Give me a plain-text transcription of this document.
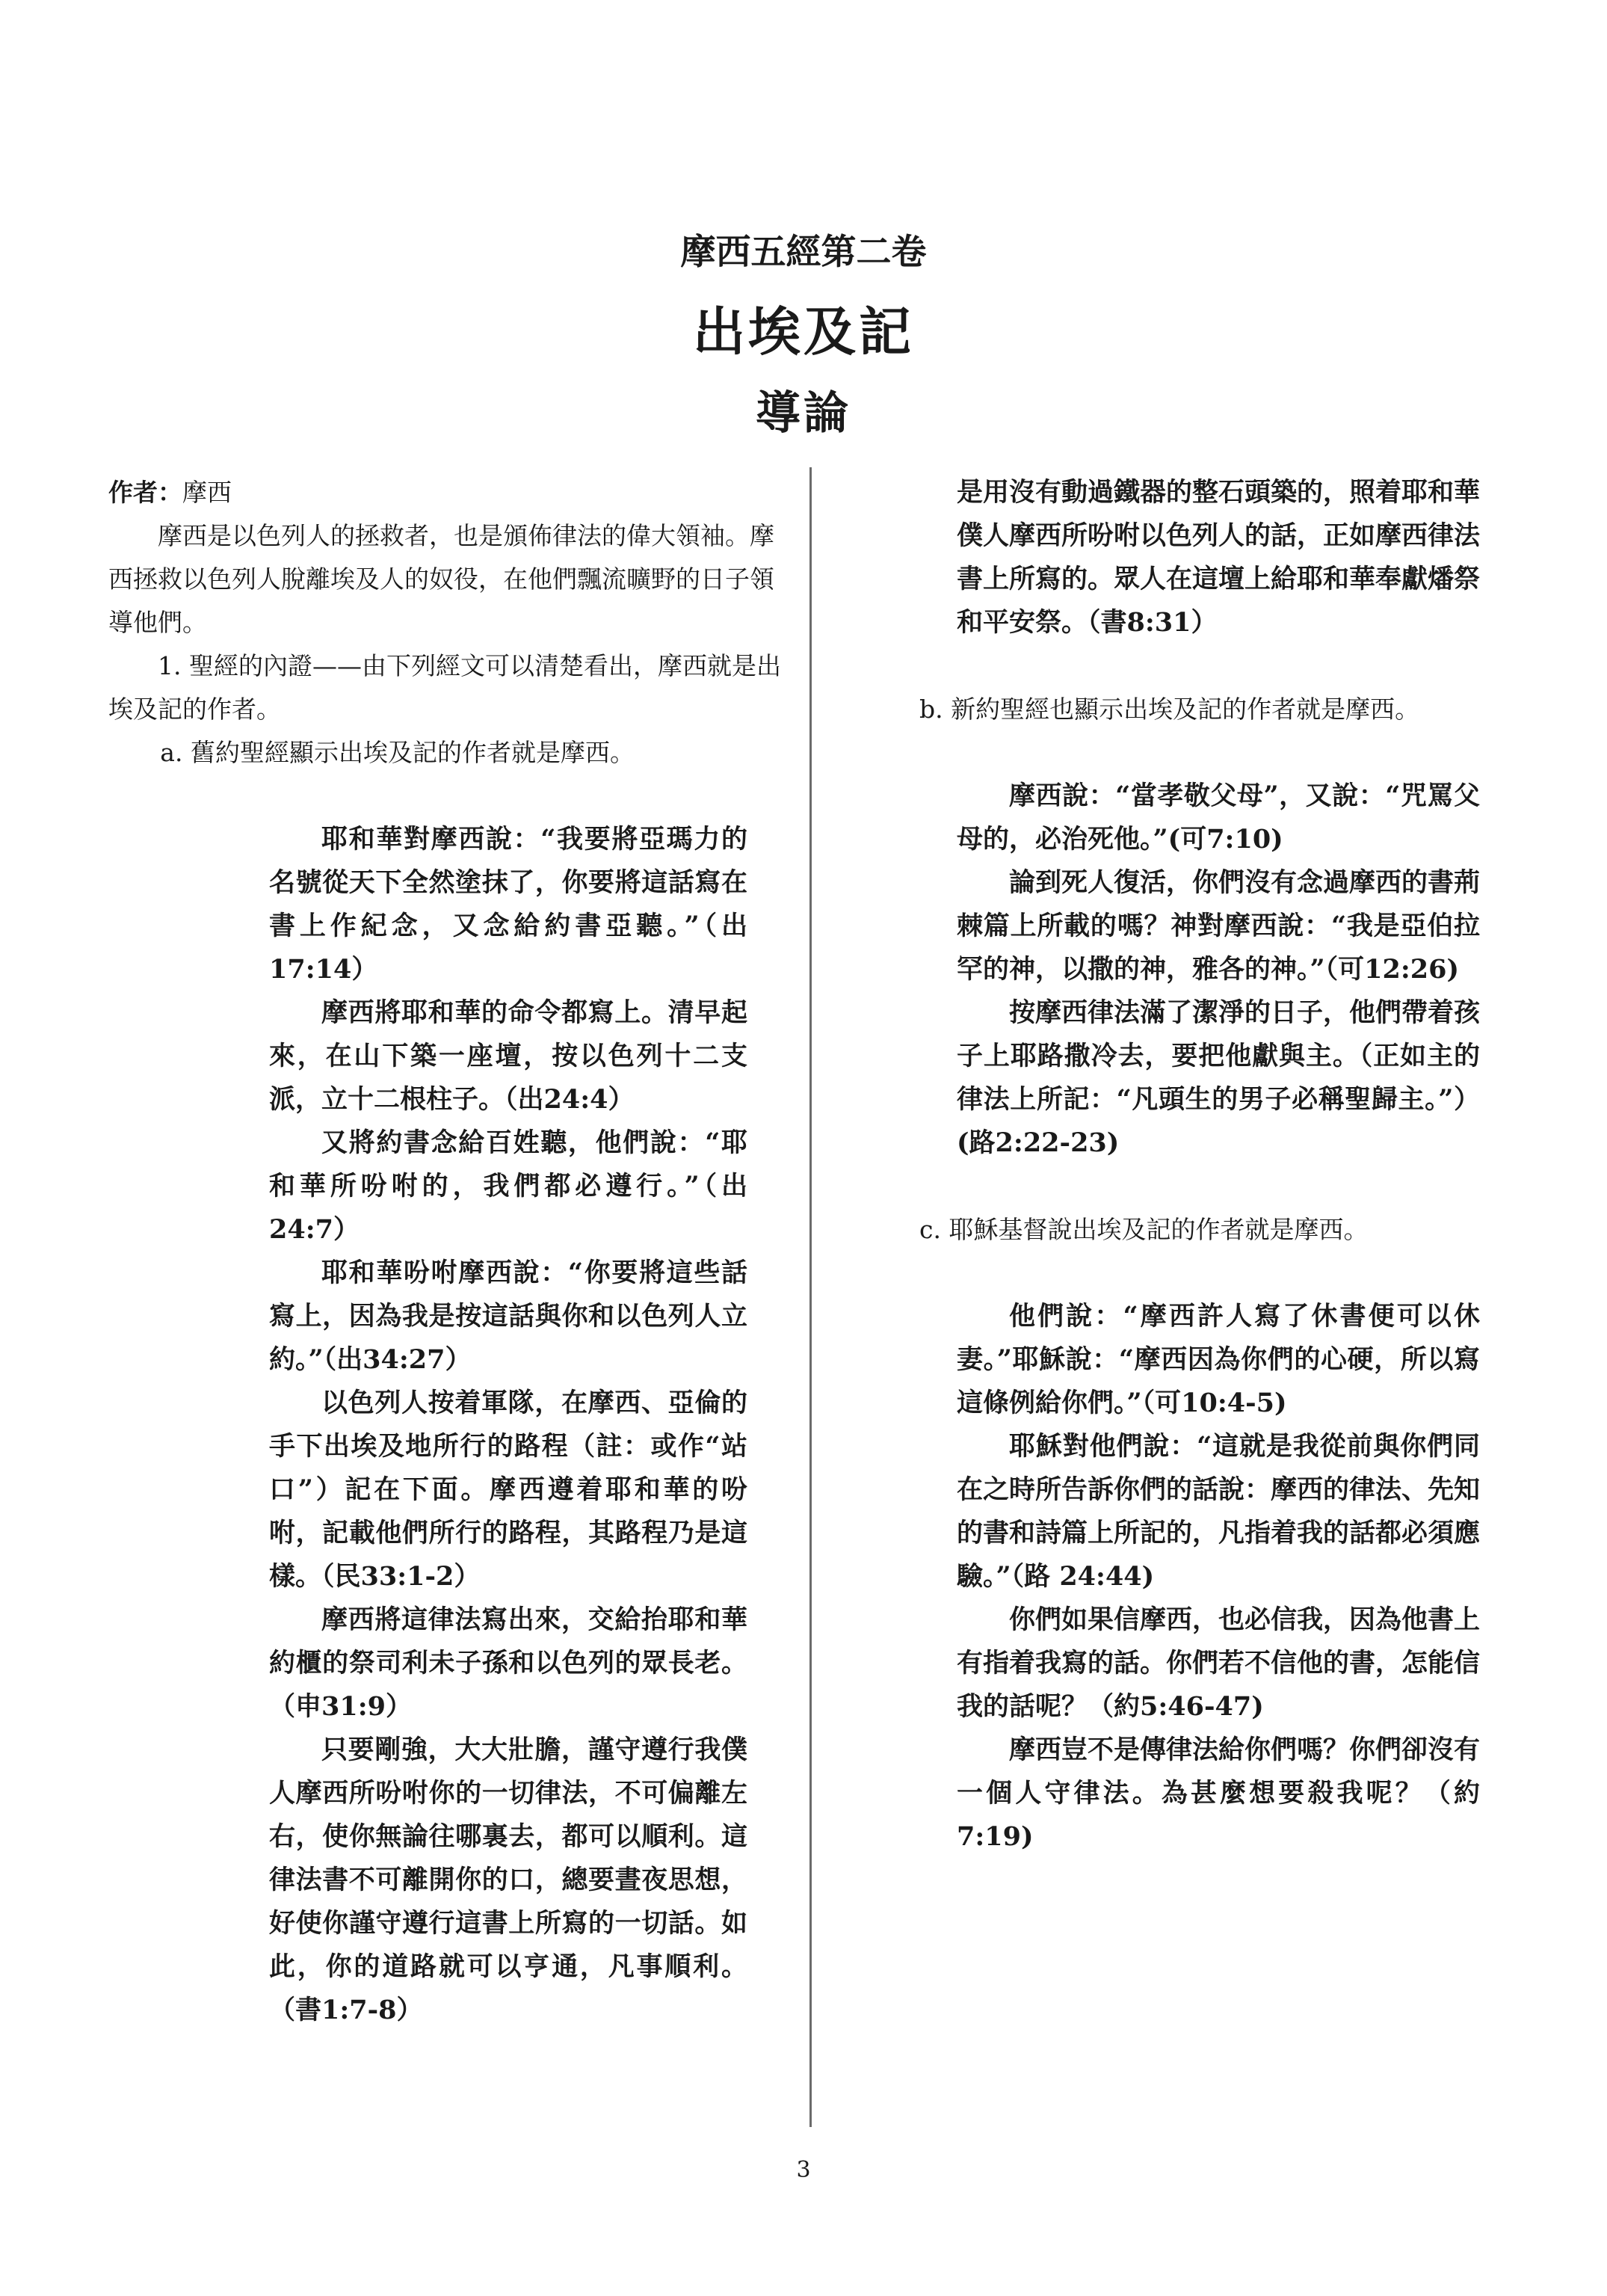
摩西五經第二卷
出埃及記
導論

作者：摩西

摩西是以色列人的拯救者，也是頒佈律法的偉大領袖。摩西拯救以色列人脫離埃及人的奴役，在他們飄流曠野的日子領導他們。

1. 聖經的內證——由下列經文可以清楚看出，摩西就是出埃及記的作者。

a. 舊約聖經顯示出埃及記的作者就是摩西。

耶和華對摩西說：“我要將亞瑪力的名號從天下全然塗抹了，你要將這話寫在書上作紀念，又念給約書亞聽。”（出17:14）

摩西將耶和華的命令都寫上。清早起來，在山下築一座壇，按以色列十二支派，立十二根柱子。（出24:4）

又將約書念給百姓聽，他們說：“耶和華所吩咐的，我們都必遵行。”（出24:7）

耶和華吩咐摩西說：“你要將這些話寫上，因為我是按這話與你和以色列人立約。”（出34:27）

以色列人按着軍隊，在摩西、亞倫的手下出埃及地所行的路程（註：或作“站口”）記在下面。摩西遵着耶和華的吩咐，記載他們所行的路程，其路程乃是這樣。（民33:1-2）

摩西將這律法寫出來，交給抬耶和華約櫃的祭司利未子孫和以色列的眾長老。（申31:9）

只要剛強，大大壯膽，謹守遵行我僕人摩西所吩咐你的一切律法，不可偏離左右，使你無論往哪裏去，都可以順利。這律法書不可離開你的口，總要晝夜思想，好使你謹守遵行這書上所寫的一切話。如此，你的道路就可以亨通，凡事順利。（書1:7-8）

是用沒有動過鐵器的整石頭築的，照着耶和華僕人摩西所吩咐以色列人的話，正如摩西律法書上所寫的。眾人在這壇上給耶和華奉獻燔祭和平安祭。（書8:31）

b. 新約聖經也顯示出埃及記的作者就是摩西。

摩西說：“當孝敬父母”，又說：“咒罵父母的，必治死他。”(可7:10)

論到死人復活，你們沒有念過摩西的書荊棘篇上所載的嗎？神對摩西說：“我是亞伯拉罕的神，以撒的神，雅各的神。”（可12:26)

按摩西律法滿了潔淨的日子，他們帶着孩子上耶路撒冷去，要把他獻與主。（正如主的律法上所記：“凡頭生的男子必稱聖歸主。”）(路2:22-23)

c. 耶穌基督說出埃及記的作者就是摩西。

他們說：“摩西許人寫了休書便可以休妻。”耶穌說：“摩西因為你們的心硬，所以寫這條例給你們。”（可10:4-5)

耶穌對他們說：“這就是我從前與你們同在之時所告訴你們的話說：摩西的律法、先知的書和詩篇上所記的，凡指着我的話都必須應驗。”（路 24:44)

你們如果信摩西，也必信我，因為他書上有指着我寫的話。你們若不信他的書，怎能信我的話呢？（約5:46-47)

摩西豈不是傳律法給你們嗎？你們卻沒有一個人守律法。為甚麼想要殺我呢？（約7:19)

3
